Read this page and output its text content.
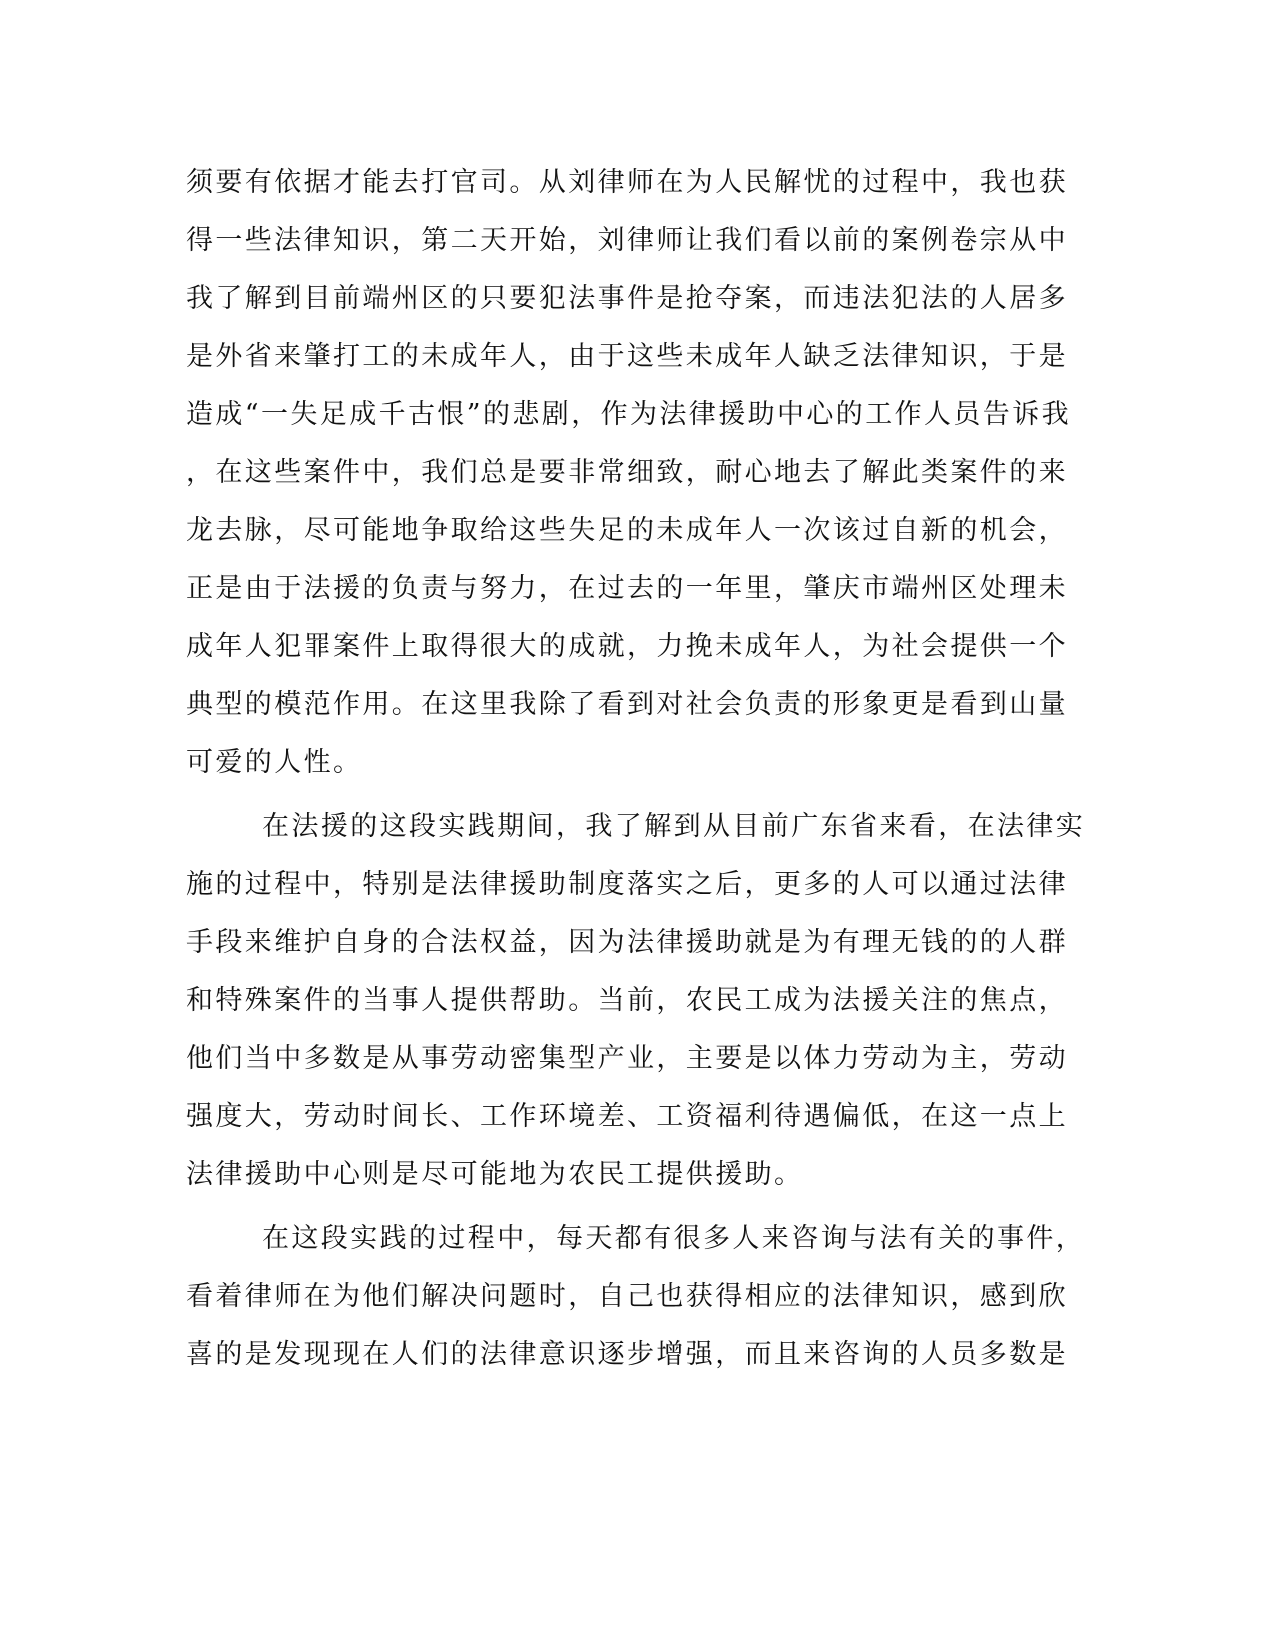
须要有依据才能去打官司。从刘律师在为人民解忧的过程中，我也获
得一些法律知识，第二天开始，刘律师让我们看以前的案例卷宗从中
我了解到目前端州区的只要犯法事件是抢夺案，而违法犯法的人居多
是外省来肇打工的未成年人，由于这些未成年人缺乏法律知识，于是
造成“一失足成千古恨”的悲剧，作为法律援助中心的工作人员告诉我
，在这些案件中，我们总是要非常细致，耐心地去了解此类案件的来
龙去脉，尽可能地争取给这些失足的未成年人一次该过自新的机会，
正是由于法援的负责与努力，在过去的一年里，肇庆市端州区处理未
成年人犯罪案件上取得很大的成就，力挽未成年人，为社会提供一个
典型的模范作用。在这里我除了看到对社会负责的形象更是看到山量
可爱的人性。
在法援的这段实践期间，我了解到从目前广东省来看，在法律实
施的过程中，特别是法律援助制度落实之后，更多的人可以通过法律
手段来维护自身的合法权益，因为法律援助就是为有理无钱的的人群
和特殊案件的当事人提供帮助。当前，农民工成为法援关注的焦点，
他们当中多数是从事劳动密集型产业，主要是以体力劳动为主，劳动
强度大，劳动时间长、工作环境差、工资福利待遇偏低，在这一点上
法律援助中心则是尽可能地为农民工提供援助。
在这段实践的过程中，每天都有很多人来咨询与法有关的事件，
看着律师在为他们解决问题时，自己也获得相应的法律知识，感到欣
喜的是发现现在人们的法律意识逐步增强，而且来咨询的人员多数是
